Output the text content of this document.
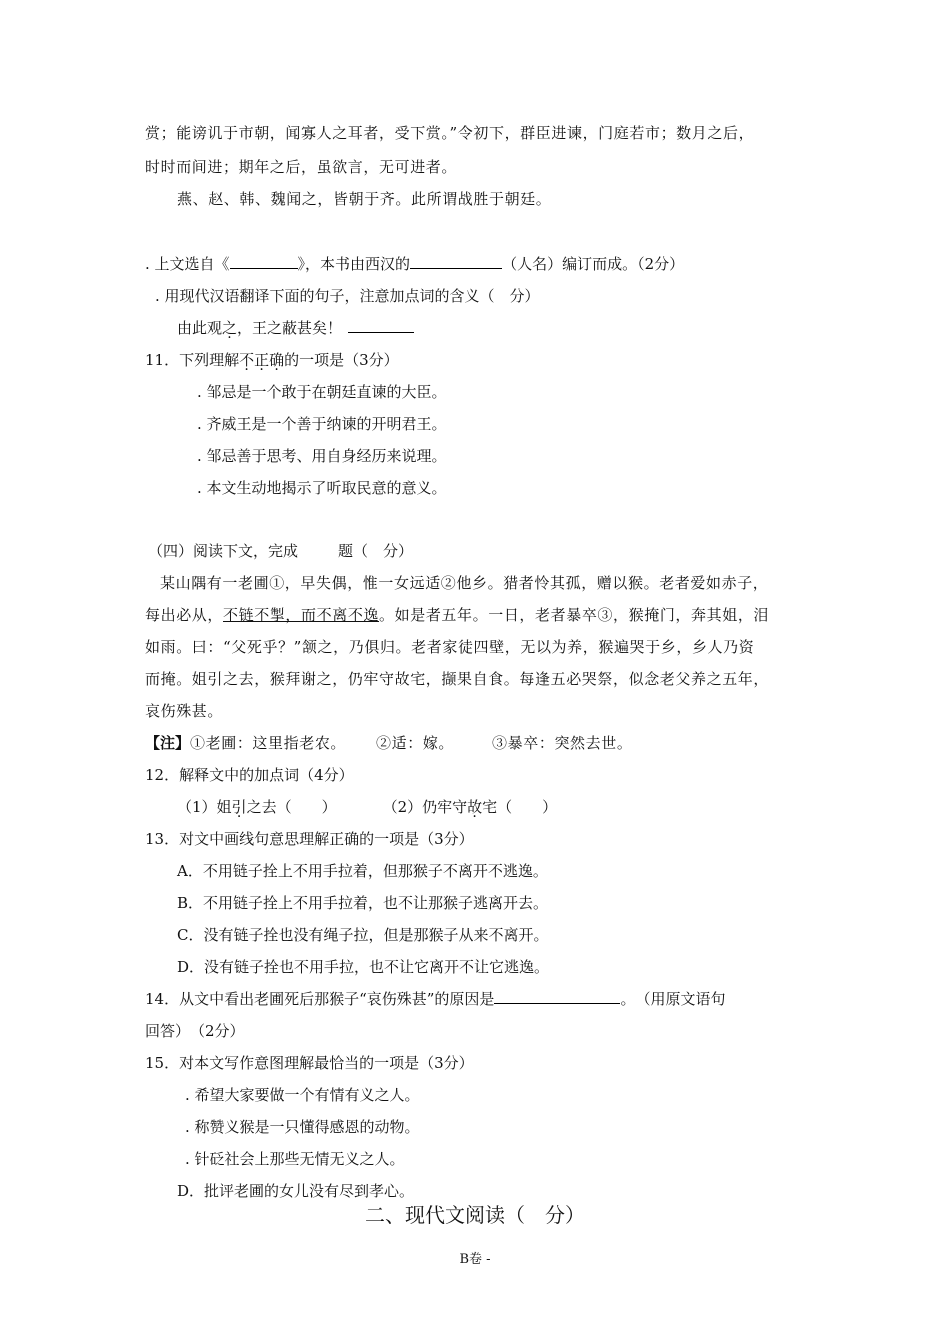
赏；能谤讥于市朝，闻寡人之耳者，受下赏。”令初下，群臣进谏，门庭若市；数月之后，
时时而间进；期年之后，虽欲言，无可进者。
燕、赵、韩、魏闻之，皆朝于齐。此所谓战胜于朝廷。
. 上文选自《	》，本书由西汉的	（人名）编订而成。（2分）
. 用现代汉语翻译下面的句子，注意加点词的含义（　分）
由此观之，王之蔽甚矣！
11．下列理解不正确的一项是（3分）
. 邹忌是一个敢于在朝廷直谏的大臣。
. 齐威王是一个善于纳谏的开明君王。
. 邹忌善于思考、用自身经历来说理。
. 本文生动地揭示了听取民意的意义。
（四）阅读下文，完成	题（　分）
某山隅有一老圃①，早失偶，惟一女远适②他乡。猎者怜其孤，赠以猴。老者爱如赤子，
每出必从，不链不掣，而不离不逸。如是者五年。一日，老者暴卒③，猴掩门，奔其姐，泪
如雨。曰：“父死乎？”颔之，乃俱归。老者家徒四壁，无以为养，猴遍哭于乡，乡人乃资
而掩。姐引之去，猴拜谢之，仍牢守故宅，撷果自食。每逢五必哭祭，似念老父养之五年，
哀伤殊甚。
【注】①老圃：这里指老农。 ②适：嫁。	③暴卒：突然去世。
12．解释文中的加点词（4分）
（1）姐引之去（　　）	（2）仍牢守故宅（　　）
13．对文中画线句意思理解正确的一项是（3分）
A．不用链子拴上不用手拉着，但那猴子不离开不逃逸。
B．不用链子拴上不用手拉着，也不让那猴子逃离开去。
C．没有链子拴也没有绳子拉，但是那猴子从来不离开。
D．没有链子拴也不用手拉，也不让它离开不让它逃逸。
14．从文中看出老圃死后那猴子“哀伤殊甚”的原因是	。　（用原文语句
回答）　（2分）
15．对本文写作意图理解最恰当的一项是（3分）
. 希望大家要做一个有情有义之人。
. 称赞义猴是一只懂得感恩的动物。
. 针砭社会上那些无情无义之人。
D．批评老圃的女儿没有尽到孝心。
二、现代文阅读（　分）
B卷 -
